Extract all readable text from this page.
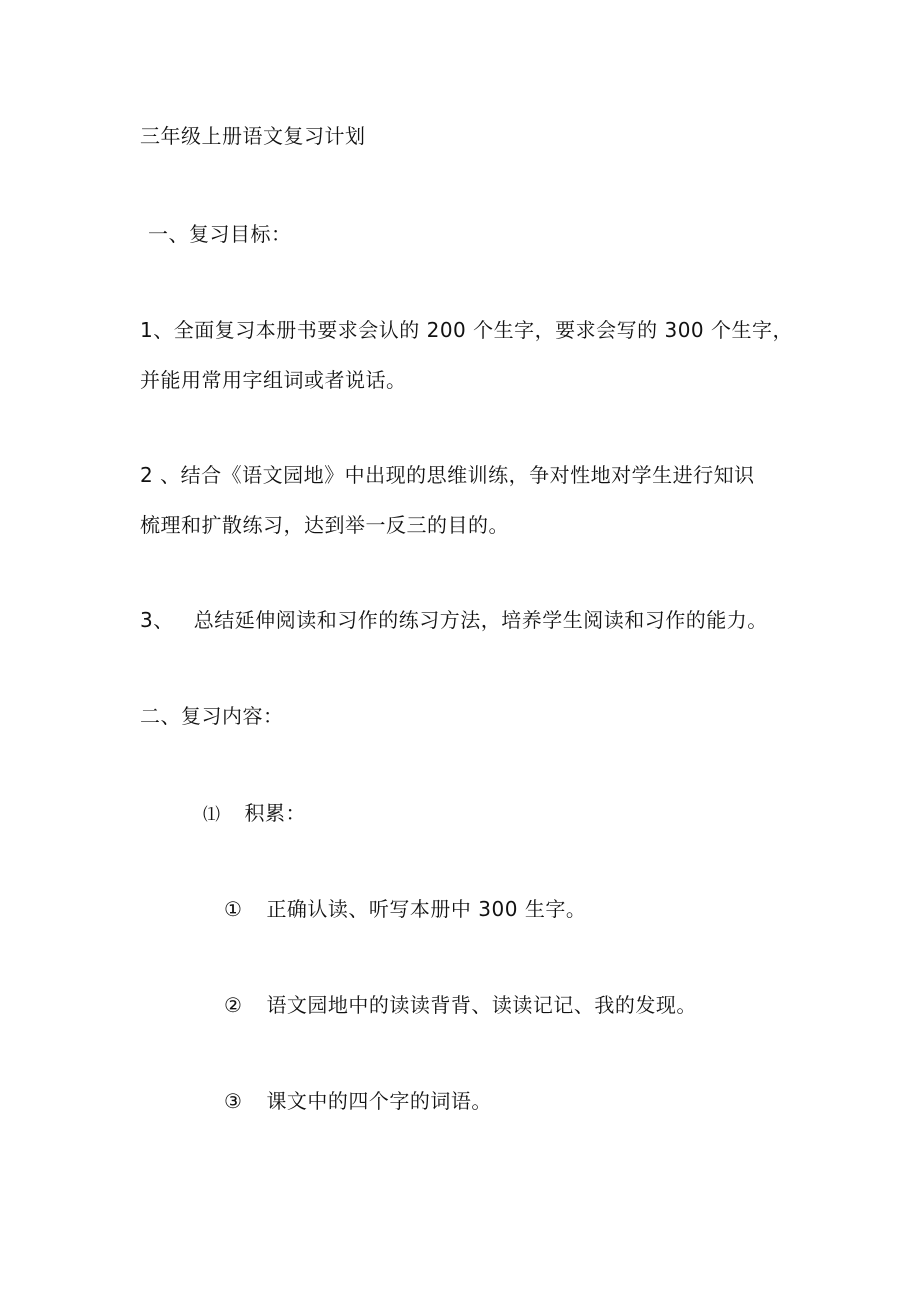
三年级上册语文复习计划
一、复习目标：
1、全面复习本册书要求会认的 200 个生字，要求会写的 300 个生字，
并能用常用字组词或者说话。
2 、结合《语文园地》中出现的思维训练，争对性地对学生进行知识
梳理和扩散练习，达到举一反三的目的。
3、 总结延伸阅读和习作的练习方法，培养学生阅读和习作的能力。
二、复习内容：
⑴ 积累：
① 正确认读、听写本册中 300 生字。
② 语文园地中的读读背背、读读记记、我的发现。
③ 课文中的四个字的词语。
